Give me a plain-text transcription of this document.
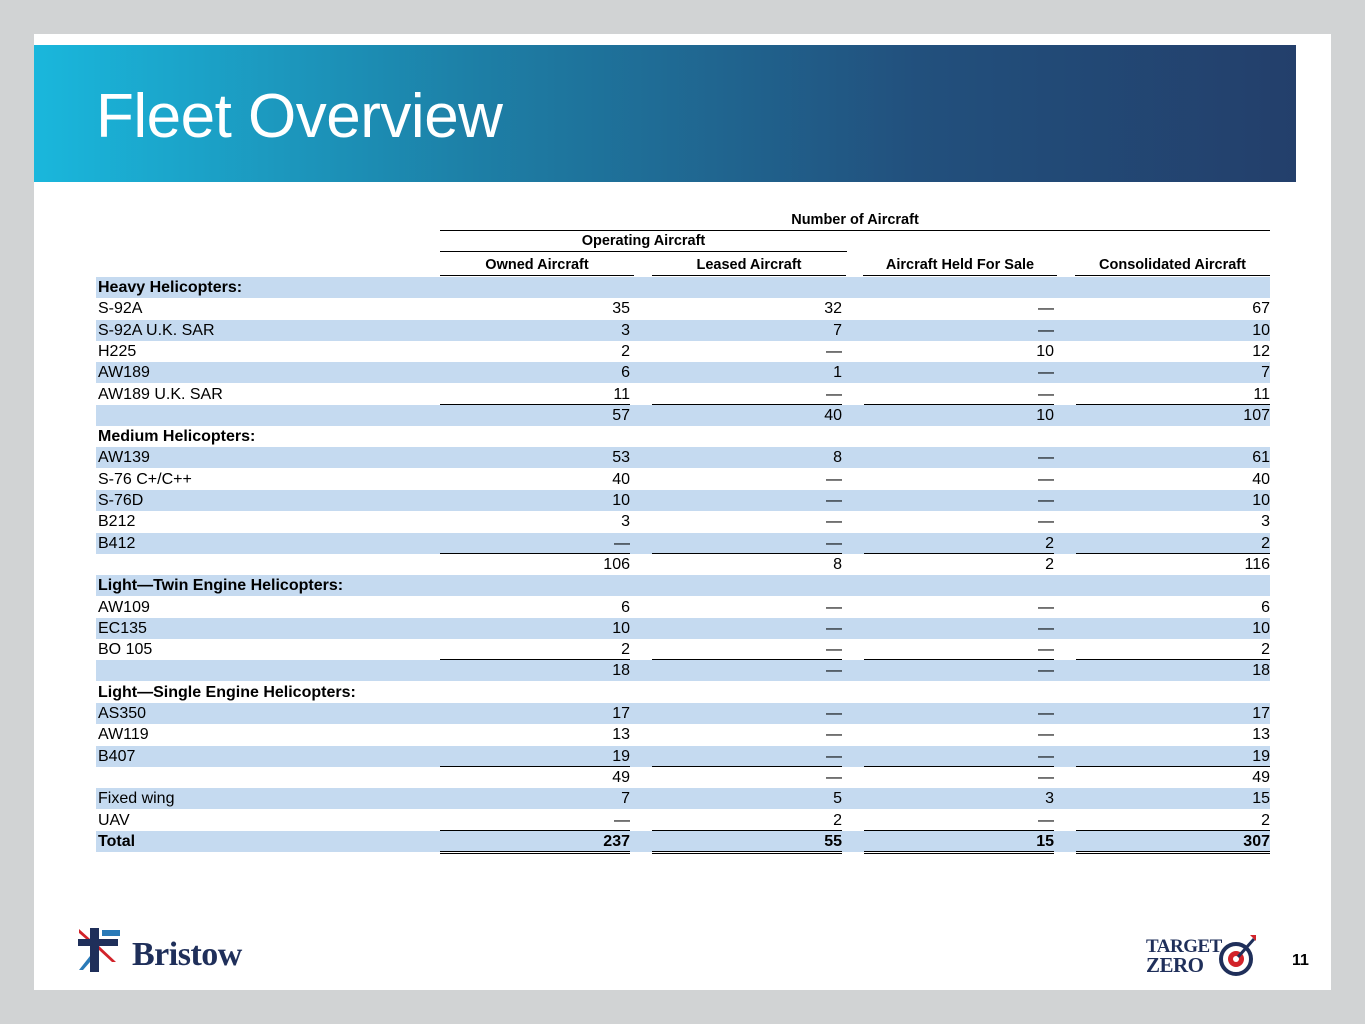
Fleet Overview
Number of Aircraft
Operating Aircraft
Owned Aircraft	Leased Aircraft	Aircraft Held For Sale	Consolidated Aircraft
Heavy Helicopters:
S-92A	35	32	—	67
S-92A U.K. SAR	3	7	—	10
H225	2	—	10	12
AW189	6	1	—	7
AW189 U.K. SAR	11	—	—	11
57	40	10	107
Medium Helicopters:
AW139	53	8	—	61
S-76 C+/C++	40	—	—	40
S-76D	10	—	—	10
B212	3	—	—	3
B412	—	—	2	2
106	8	2	116
Light—Twin Engine Helicopters:
AW109	6	—	—	6
EC135	10	—	—	10
BO 105	2	—	—	2
18	—	—	18
Light—Single Engine Helicopters:
AS350	17	—	—	17
AW119	13	—	—	13
B407	19	—	—	19
49	—	—	49
Fixed wing	7	5	3	15
UAV	—	2	—	2
Total	237	55	15	307
Bristow	TARGET
ZERO	11
